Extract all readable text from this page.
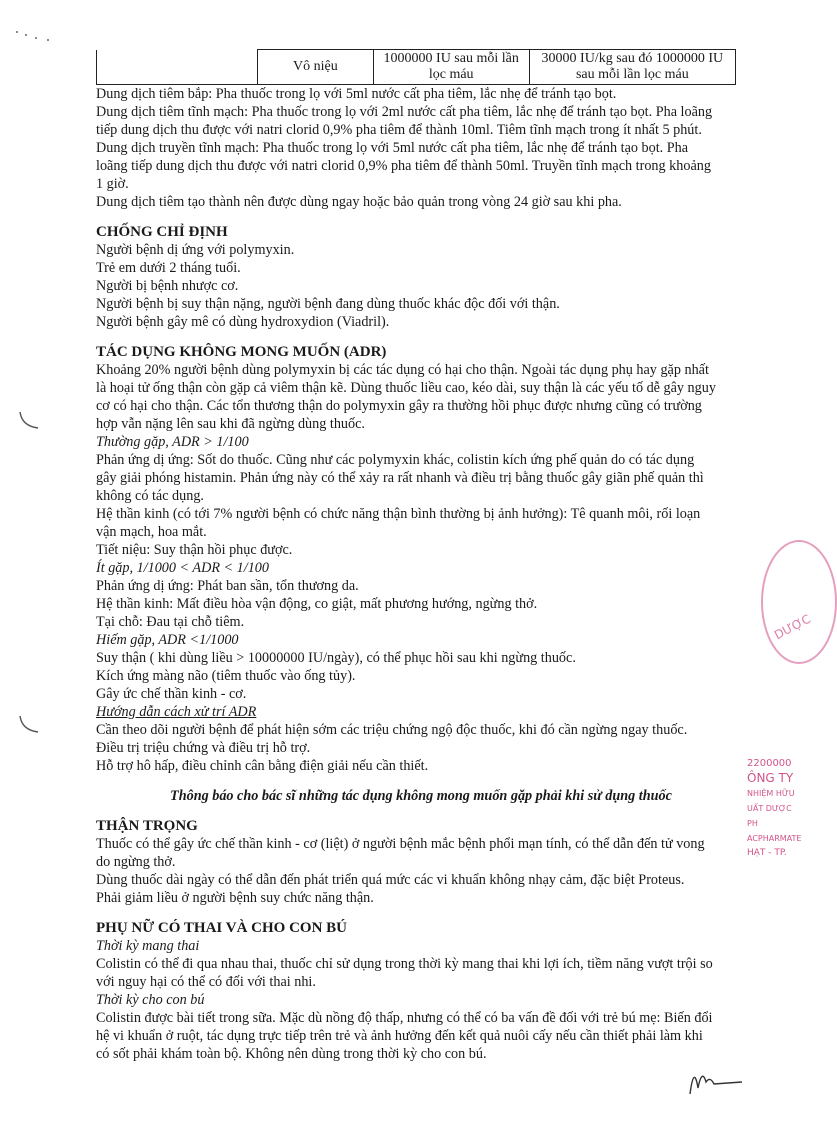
DƯỢC
2200000
ÔNG TY
NHIỆM HỮU
UẤT DƯỢC PH
ACPHARMATE
HẠT - TP.
	Vô niệu	1000000 IU sau mỗi lần lọc máu	30000 IU/kg sau đó 1000000 IU sau mỗi lần lọc máu

Dung dịch tiêm bắp: Pha thuốc trong lọ với 5ml nước cất pha tiêm, lắc nhẹ để tránh tạo bọt.

Dung dịch tiêm tĩnh mạch: Pha thuốc trong lọ với 2ml nước cất pha tiêm, lắc nhẹ để tránh tạo bọt. Pha loãng

tiếp dung dịch thu được với natri clorid 0,9% pha tiêm để thành 10ml. Tiêm tĩnh mạch trong ít nhất 5 phút.

Dung dịch truyền tĩnh mạch: Pha thuốc trong lọ với 5ml nước cất pha tiêm, lắc nhẹ để tránh tạo bọt. Pha

loãng tiếp dung dịch thu được với natri clorid 0,9% pha tiêm để thành 50ml. Truyền tĩnh mạch trong khoảng

1 giờ.

Dung dịch tiêm tạo thành nên được dùng ngay hoặc bảo quản trong vòng 24 giờ sau khi pha.

CHỐNG CHỈ ĐỊNH

Người bệnh dị ứng với polymyxin.

Trẻ em dưới 2 tháng tuổi.

Người bị bệnh nhược cơ.

Người bệnh bị suy thận nặng, người bệnh đang dùng thuốc khác độc đối với thận.

Người bệnh gây mê có dùng hydroxydion (Viadril).

TÁC DỤNG KHÔNG MONG MUỐN (ADR)

Khoảng 20% người bệnh dùng polymyxin bị các tác dụng có hại cho thận. Ngoài tác dụng phụ hay gặp nhất

là hoại tử ống thận còn gặp cả viêm thận kẽ. Dùng thuốc liều cao, kéo dài, suy thận là các yếu tố dễ gây nguy

cơ có hại cho thận. Các tổn thương thận do polymyxin gây ra thường hồi phục được nhưng cũng có trường

hợp vẫn nặng lên sau khi đã ngừng dùng thuốc.

Thường gặp, ADR > 1/100

Phản ứng dị ứng: Sốt do thuốc. Cũng như các polymyxin khác, colistin kích ứng phế quản do có tác dụng

gây giải phóng histamin. Phản ứng này có thể xảy ra rất nhanh và điều trị bằng thuốc gây giãn phế quản thì

không có tác dụng.

Hệ thần kinh (có tới 7% người bệnh có chức năng thận bình thường bị ảnh hưởng): Tê quanh môi, rối loạn

vận mạch, hoa mắt.

Tiết niệu: Suy thận hồi phục được.

Ít gặp, 1/1000 < ADR < 1/100

Phản ứng dị ứng: Phát ban sần, tổn thương da.

Hệ thần kinh: Mất điều hòa vận động, co giật, mất phương hướng, ngừng thở.

Tại chỗ: Đau tại chỗ tiêm.

Hiếm gặp, ADR <1/1000

Suy thận ( khi dùng liều > 10000000 IU/ngày), có thể phục hồi sau khi ngừng thuốc.

Kích ứng màng não (tiêm thuốc vào ống tủy).

Gây ức chế thần kinh - cơ.

Hướng dẫn cách xử trí ADR

Cần theo dõi người bệnh để phát hiện sớm các triệu chứng ngộ độc thuốc, khi đó cần ngừng ngay thuốc.

Điều trị triệu chứng và điều trị hỗ trợ.

Hỗ trợ hô hấp, điều chỉnh cân bằng điện giải nếu cần thiết.

Thông báo cho bác sĩ những tác dụng không mong muốn gặp phải khi sử dụng thuốc

THẬN TRỌNG

Thuốc có thể gây ức chế thần kinh - cơ (liệt) ở người bệnh mắc bệnh phổi mạn tính, có thể dẫn đến tử vong

do ngừng thở.

Dùng thuốc dài ngày có thể dẫn đến phát triển quá mức các vi khuẩn không nhạy cảm, đặc biệt Proteus.

Phải giảm liều ở người bệnh suy chức năng thận.

PHỤ NỮ CÓ THAI VÀ CHO CON BÚ

Thời kỳ mang thai

Colistin có thể đi qua nhau thai, thuốc chỉ sử dụng trong thời kỳ mang thai khi lợi ích, tiềm năng vượt trội so

với nguy hại có thể có đối với thai nhi.

Thời kỳ cho con bú

Colistin được bài tiết trong sữa. Mặc dù nồng độ thấp, nhưng có thể có ba vấn đề đối với trẻ bú mẹ: Biến đổi

hệ vi khuẩn ở ruột, tác dụng trực tiếp trên trẻ và ảnh hưởng đến kết quả nuôi cấy nếu cần thiết phải làm khi

có sốt phải khám toàn bộ. Không nên dùng trong thời kỳ cho con bú.
